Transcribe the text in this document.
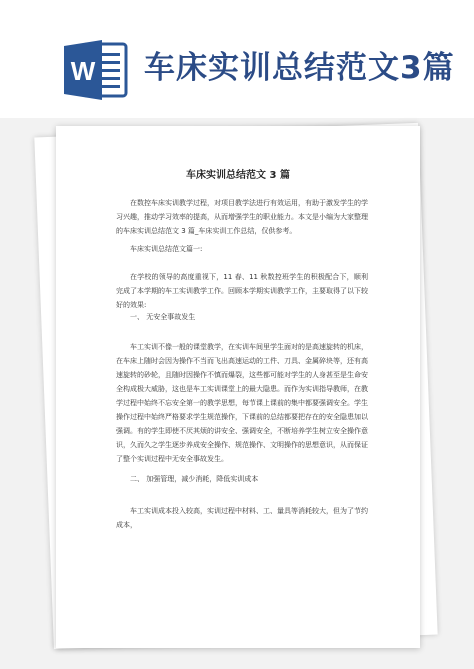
W 车床实训总结范文3篇
车床实训总结范文 3 篇
在数控车床实训教学过程，对项目教学法进行有效运用，有助于激发学生的学习兴趣，推动学习效率的提高，从而增强学生的职业能力。本文是小编为大家整理的车床实训总结范文 3 篇_车床实训工作总结，仅供参考。
车床实训总结范文篇一:
在学校的领导的高度重视下，11 春、11 秋数控班学生的积极配合下，顺利完成了本学期的车工实训教学工作。回顾本学期实训教学工作，主要取得了以下较好的效果:
一、 无安全事故发生
车工实训不像一般的课堂教学，在实训车间里学生面对的是高速旋转的机床，在车床上随时会因为操作不当而飞出高速运动的工件、刀具、金属碎块等，还有高速旋转的砂轮，且随时因操作不慎而爆裂，这些都可能对学生的人身甚至是生命安全构成极大威胁，这也是车工实训课堂上的最大隐患。而作为实训指导教师，在教学过程中始终不忘安全第一的教学思想，每节课上课前的集中都要强调安全。学生操作过程中始终严格要求学生规范操作，下课前的总结都要把存在的安全隐患加以强调。有的学生即使不厌其烦的讲安全、强调安全，不断培养学生树立安全操作意识，久而久之学生逐步养成安全操作、规范操作、文明操作的思想意识，从而保证了整个实训过程中无安全事故发生。
二、 加强管理，减少消耗，降低实训成本
车工实训成本投入较高，实训过程中材料、工、量具等消耗较大，但为了节约成本，
